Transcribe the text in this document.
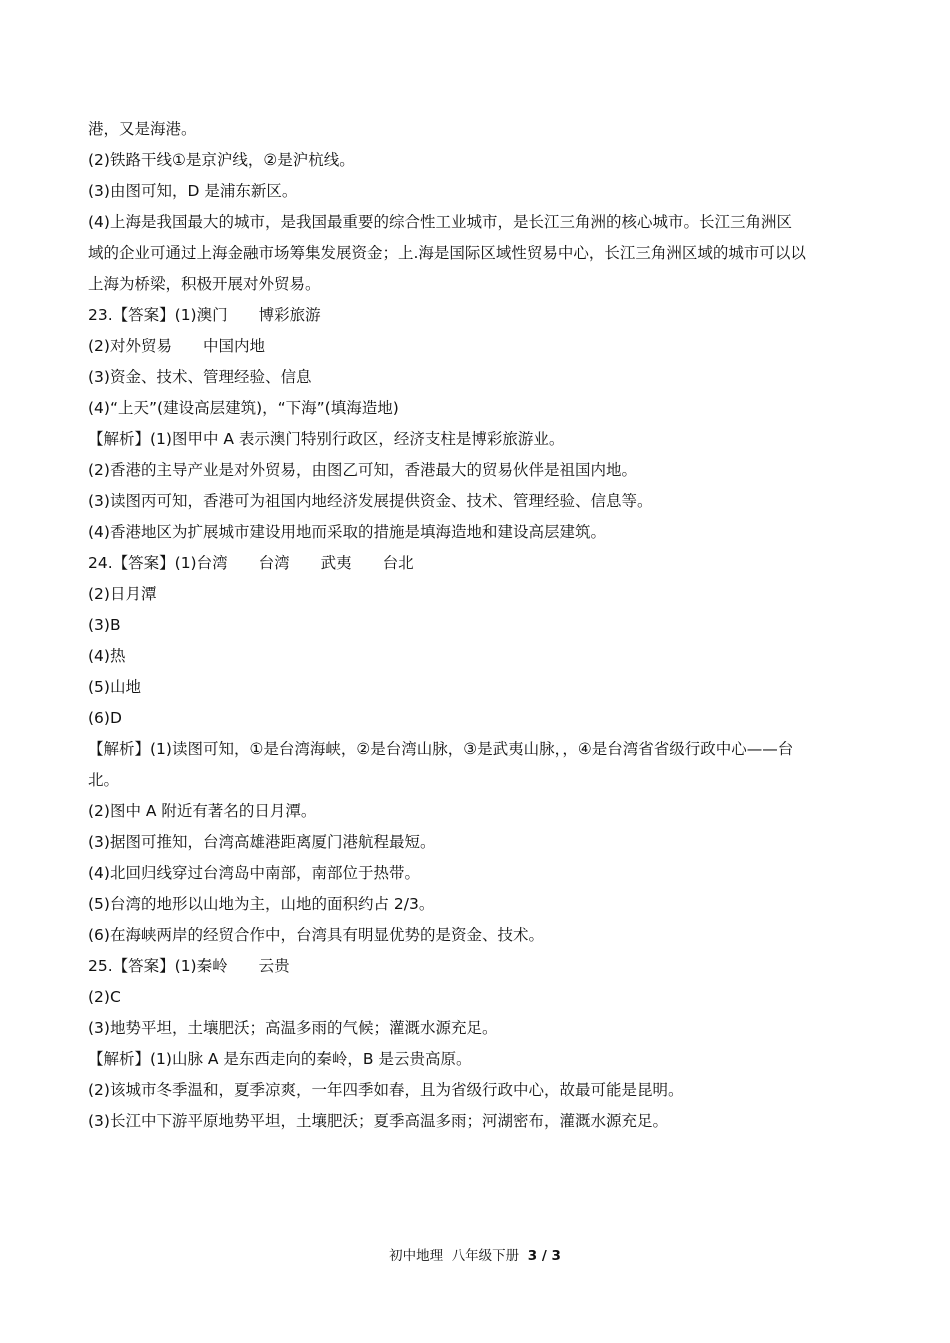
港，又是海港。
(2)铁路干线①是京沪线，②是沪杭线。
(3)由图可知，D 是浦东新区。
(4)上海是我国最大的城市，是我国最重要的综合性工业城市，是长江三角洲的核心城市。长江三角洲区
域的企业可通过上海金融市场筹集发展资金；上.海是国际区域性贸易中心，长江三角洲区域的城市可以以
上海为桥梁，积极开展对外贸易。
23.【答案】(1)澳门　　博彩旅游
(2)对外贸易　　中国内地
(3)资金、技术、管理经验、信息
(4)“上天”(建设高层建筑)，“下海”(填海造地)
【解析】(1)图甲中 A 表示澳门特别行政区，经济支柱是博彩旅游业。
(2)香港的主导产业是对外贸易，由图乙可知，香港最大的贸易伙伴是祖国内地。
(3)读图丙可知，香港可为祖国内地经济发展提供资金、技术、管理经验、信息等。
(4)香港地区为扩展城市建设用地而采取的措施是填海造地和建设高层建筑。
24.【答案】(1)台湾　　台湾　　武夷　　台北
(2)日月潭
(3)B
(4)热
(5)山地
(6)D
【解析】(1)读图可知，①是台湾海峡，②是台湾山脉，③是武夷山脉，，④是台湾省省级行政中心——台
北。
(2)图中 A 附近有著名的日月潭。
(3)据图可推知，台湾高雄港距离厦门港航程最短。
(4)北回归线穿过台湾岛中南部，南部位于热带。
(5)台湾的地形以山地为主，山地的面积约占 2/3。
(6)在海峡两岸的经贸合作中，台湾具有明显优势的是资金、技术。
25.【答案】(1)秦岭　　云贵
(2)C
(3)地势平坦，土壤肥沃；高温多雨的气候；灌溉水源充足。
【解析】(1)山脉 A 是东西走向的秦岭，B 是云贵高原。
(2)该城市冬季温和，夏季凉爽，一年四季如春，且为省级行政中心，故最可能是昆明。
(3)长江中下游平原地势平坦，土壤肥沃；夏季高温多雨；河湖密布，灌溉水源充足。
初中地理 八年级下册 3 / 3
